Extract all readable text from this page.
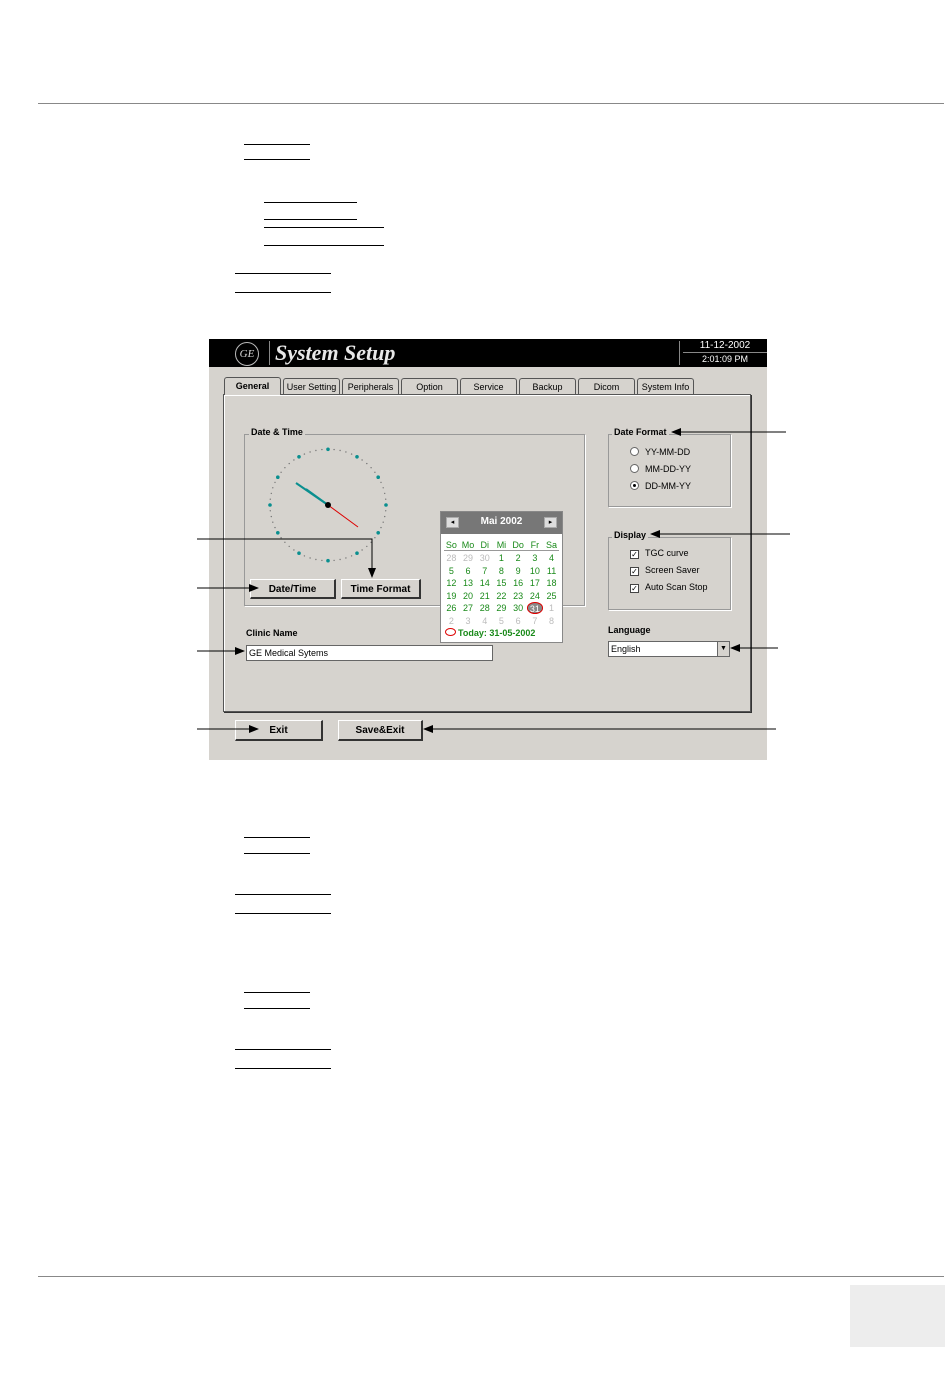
GE System Setup	11-12-2002
2:01:09 PM
General	User Setting	Peripherals	Option	Service	Backup	Dicom	System Info
Date & Time
Date/Time	Time Format
◂	Mai 2002	▸
So Mo Di Mi Do Fr Sa
28 29 30	1	2	3	4
5	6	7	8	9	10 11
12 13 14 15 16 17 18
19 20 21 22 23 24 25
26 27 28 29 30 31	1
2	3	4	5	6	7	8
Today: 31-05-2002
Date Format
YY-MM-DD
MM-DD-YY
DD-MM-YY
Display
✓ TGC curve
✓ Screen Saver
✓ Auto Scan Stop
Clinic Name
GE Medical Sytems
Language
English	▼
Exit	Save&Exit
